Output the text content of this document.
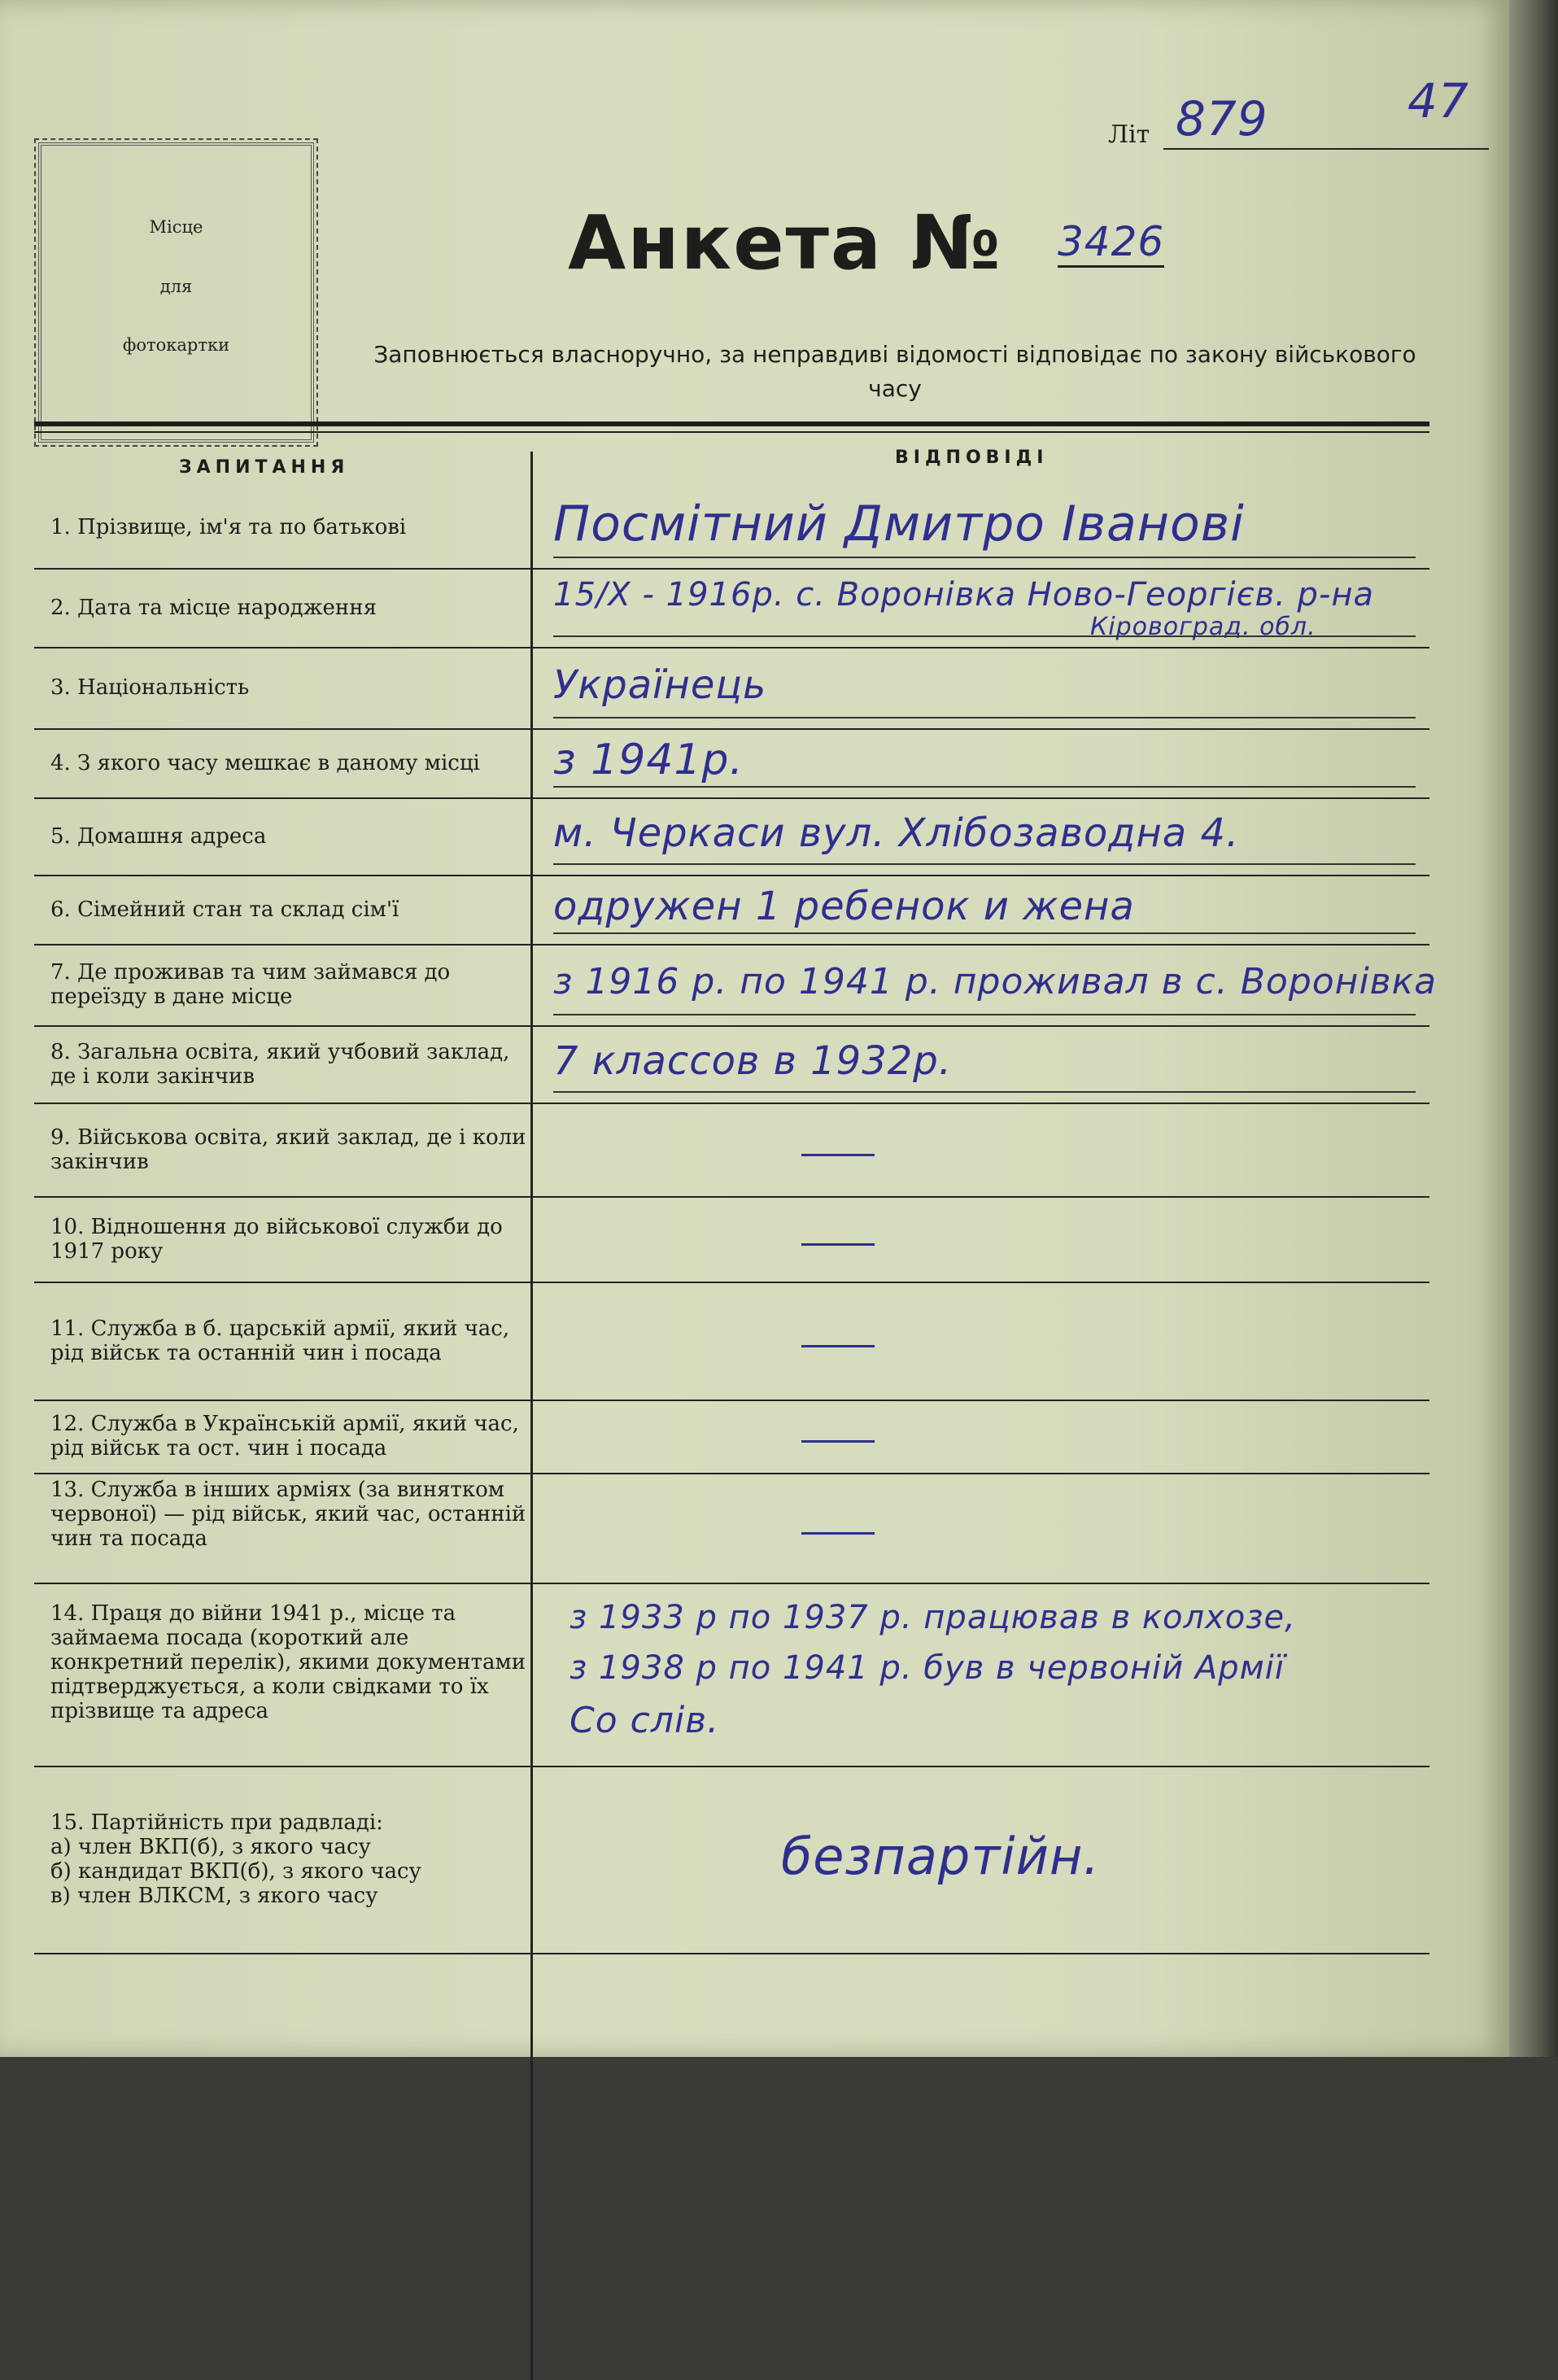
Місце
для
фотокартки
Літ 879	47
Анкета № 3426
Заповнюється власноручно, за неправдиві відомості відповідає по закону військового часу
ЗАПИТАННЯ	ВІДПОВІДІ
1. Прізвище, ім'я та по батькові	Посмітний Дмитро Іванові
2. Дата та місце народження	15/X - 1916р. с. Воронівка Ново-Георгієв. р-на
Кіровоград. обл.
3. Національність	Українець
4. З якого часу мешкає в даному місці	з 1941р.
5. Домашня адреса	м. Черкаси вул. Хлібозаводна 4.
6. Сімейний стан та склад сім'ї	одружен 1 ребенок и жена
7. Де проживав та чим займався до переїзду в дане місце	з 1916 р. по 1941 р. проживал в с. Воронівка
8. Загальна освіта, який учбовий заклад, де і коли закінчив	7 классов в 1932р.
9. Військова освіта, який заклад, де і коли закінчив
10. Відношення до військової служби до 1917 року
11. Служба в б. царській армії, який час, рід військ та останній чин і посада
12. Служба в Українській армії, який час, рід військ та ост. чин і посада
13. Служба в інших арміях (за винятком червоної) — рід військ, який час, останній чин та посада
14. Праця до війни 1941 р., місце та займаема посада (короткий але конкретний перелік), якими документами підтверджується, а коли свідками то їх прізвище та адреса
з 1933 р по 1937 р. працював в колхозе,
з 1938 р по 1941 р. був в червоній Армії
Со слів.
15. Партійність при радвладі:
а) член ВКП(б), з якого часу
б) кандидат ВКП(б), з якого часу
в) член ВЛКСМ, з якого часу
безпартійн.
